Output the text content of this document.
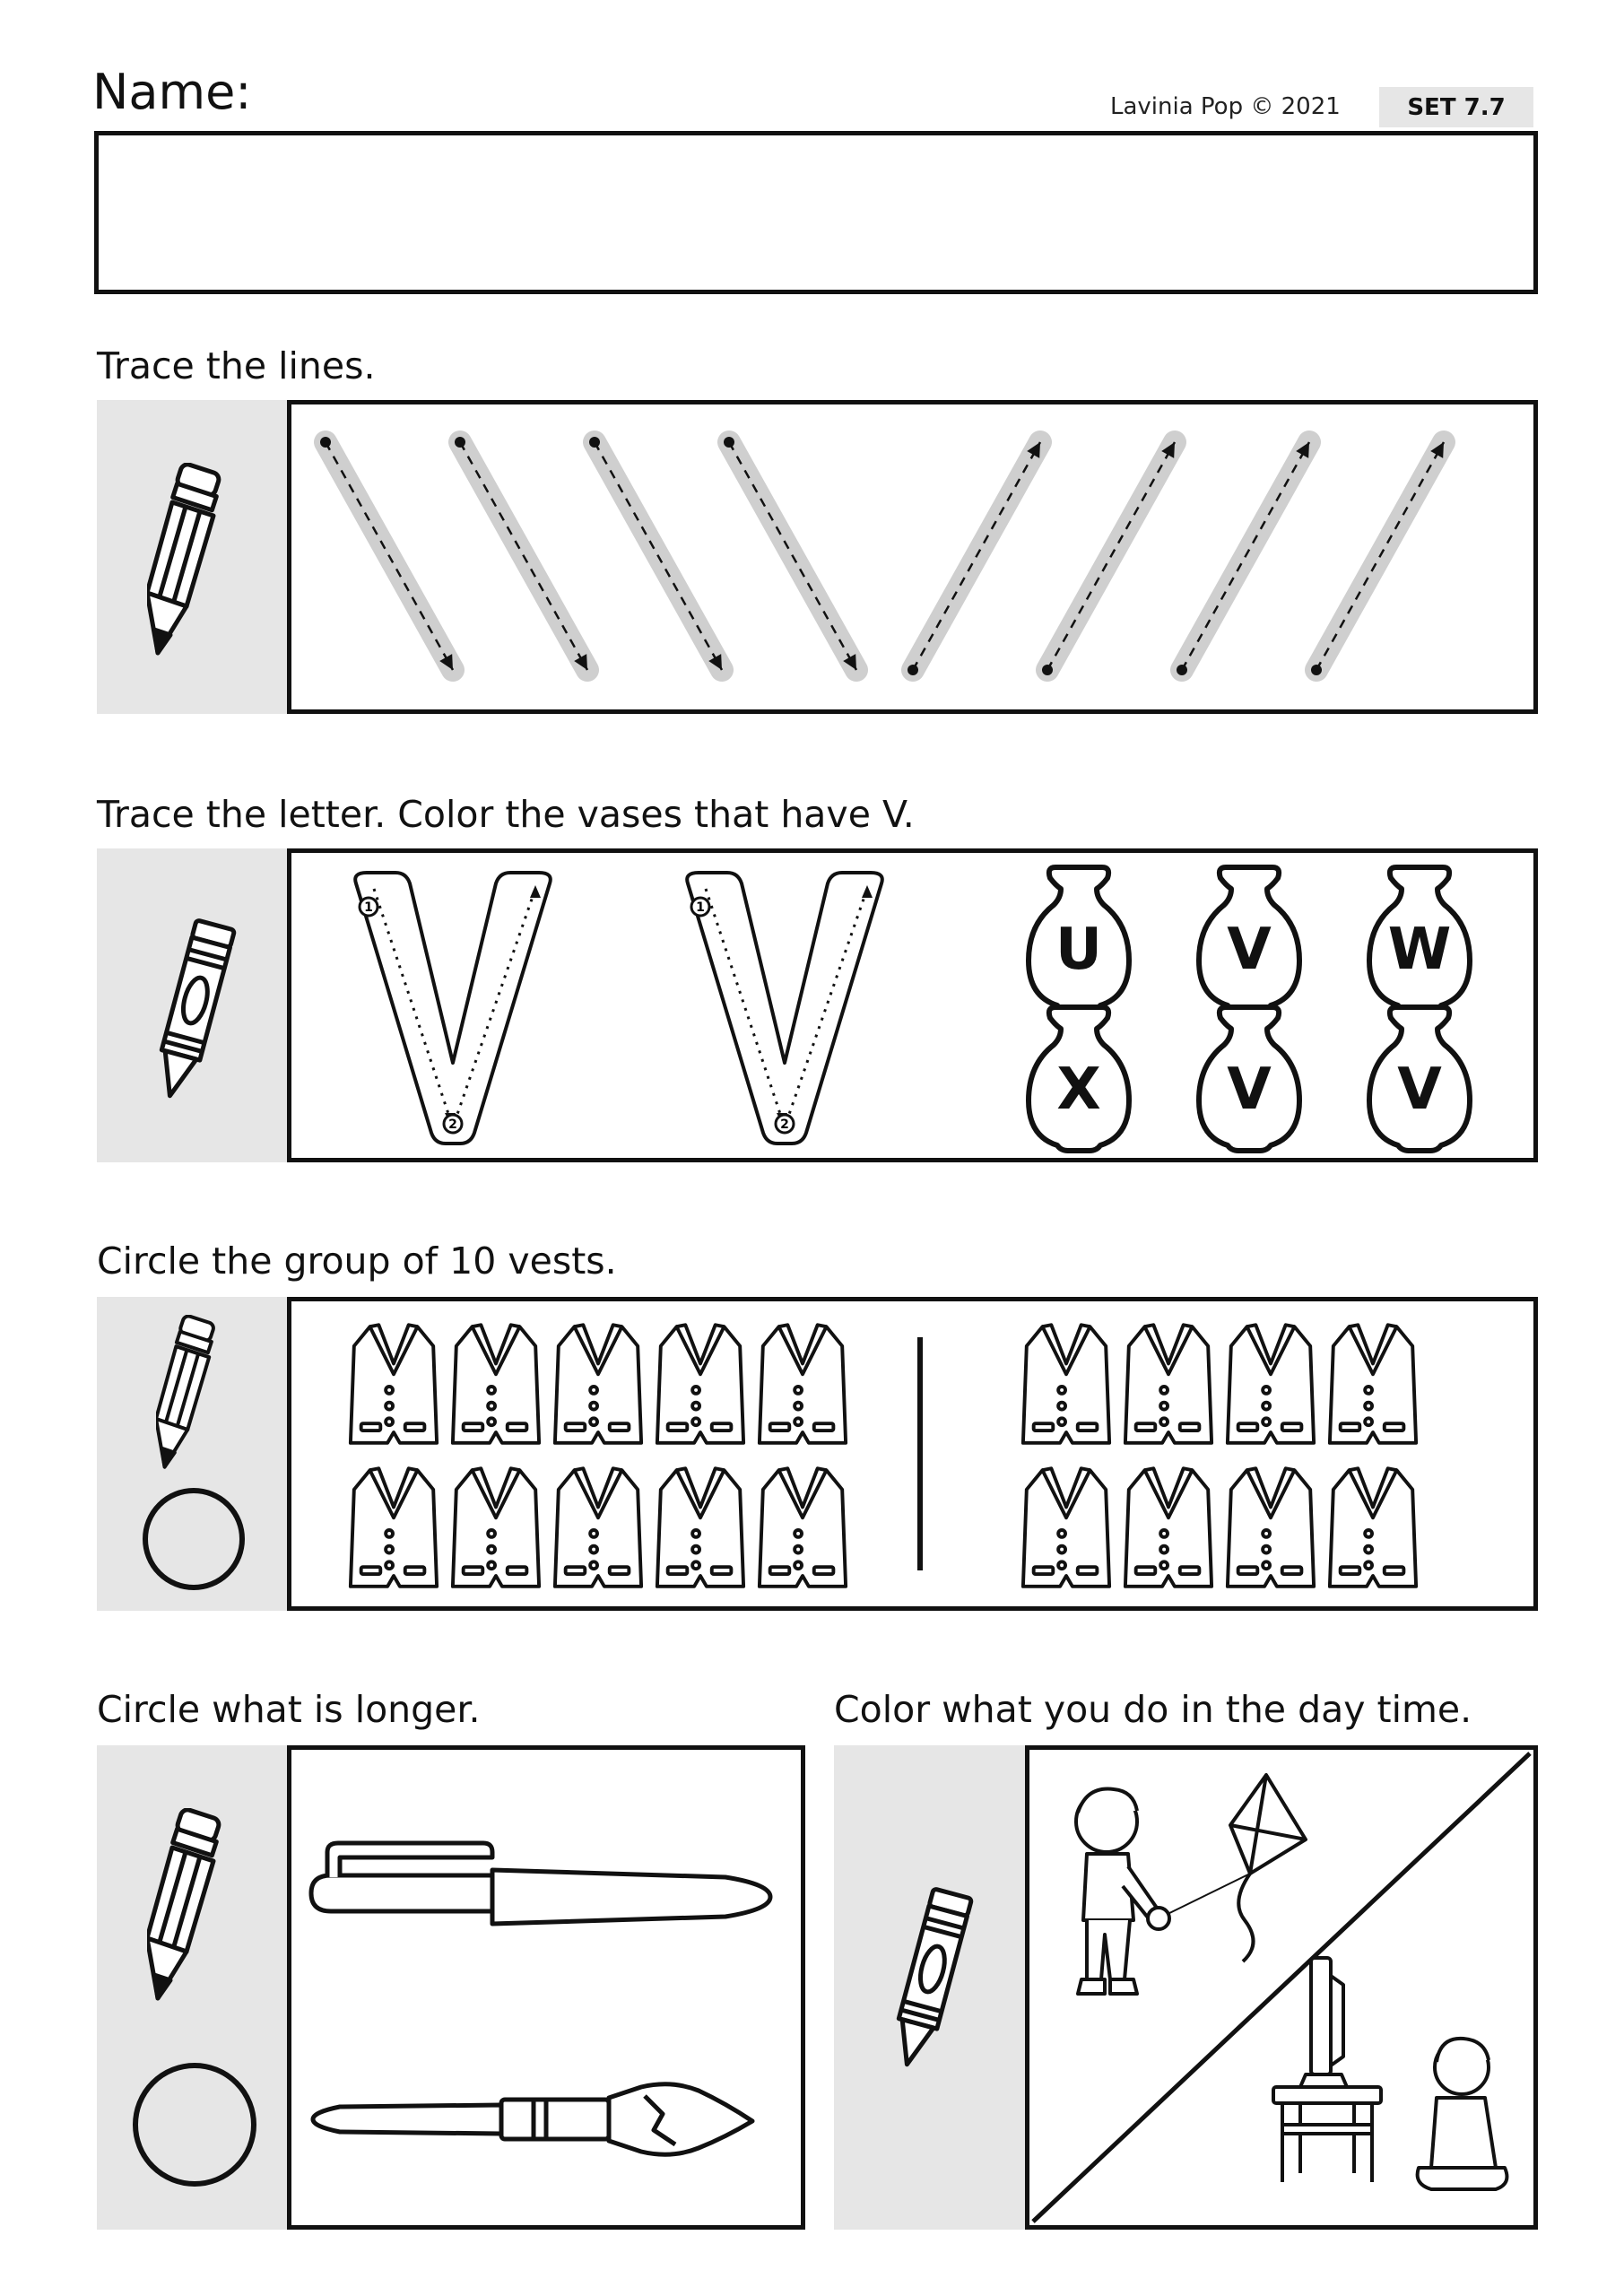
Name:	Lavinia Pop © 2021	SET 7.7
Trace the lines.
Trace the letter. Color the vases that have V.
1
2
1
2
U	V	W
X	V	V
Circle the group of 10 vests.
Circle what is longer.	Color what you do in the day time.
